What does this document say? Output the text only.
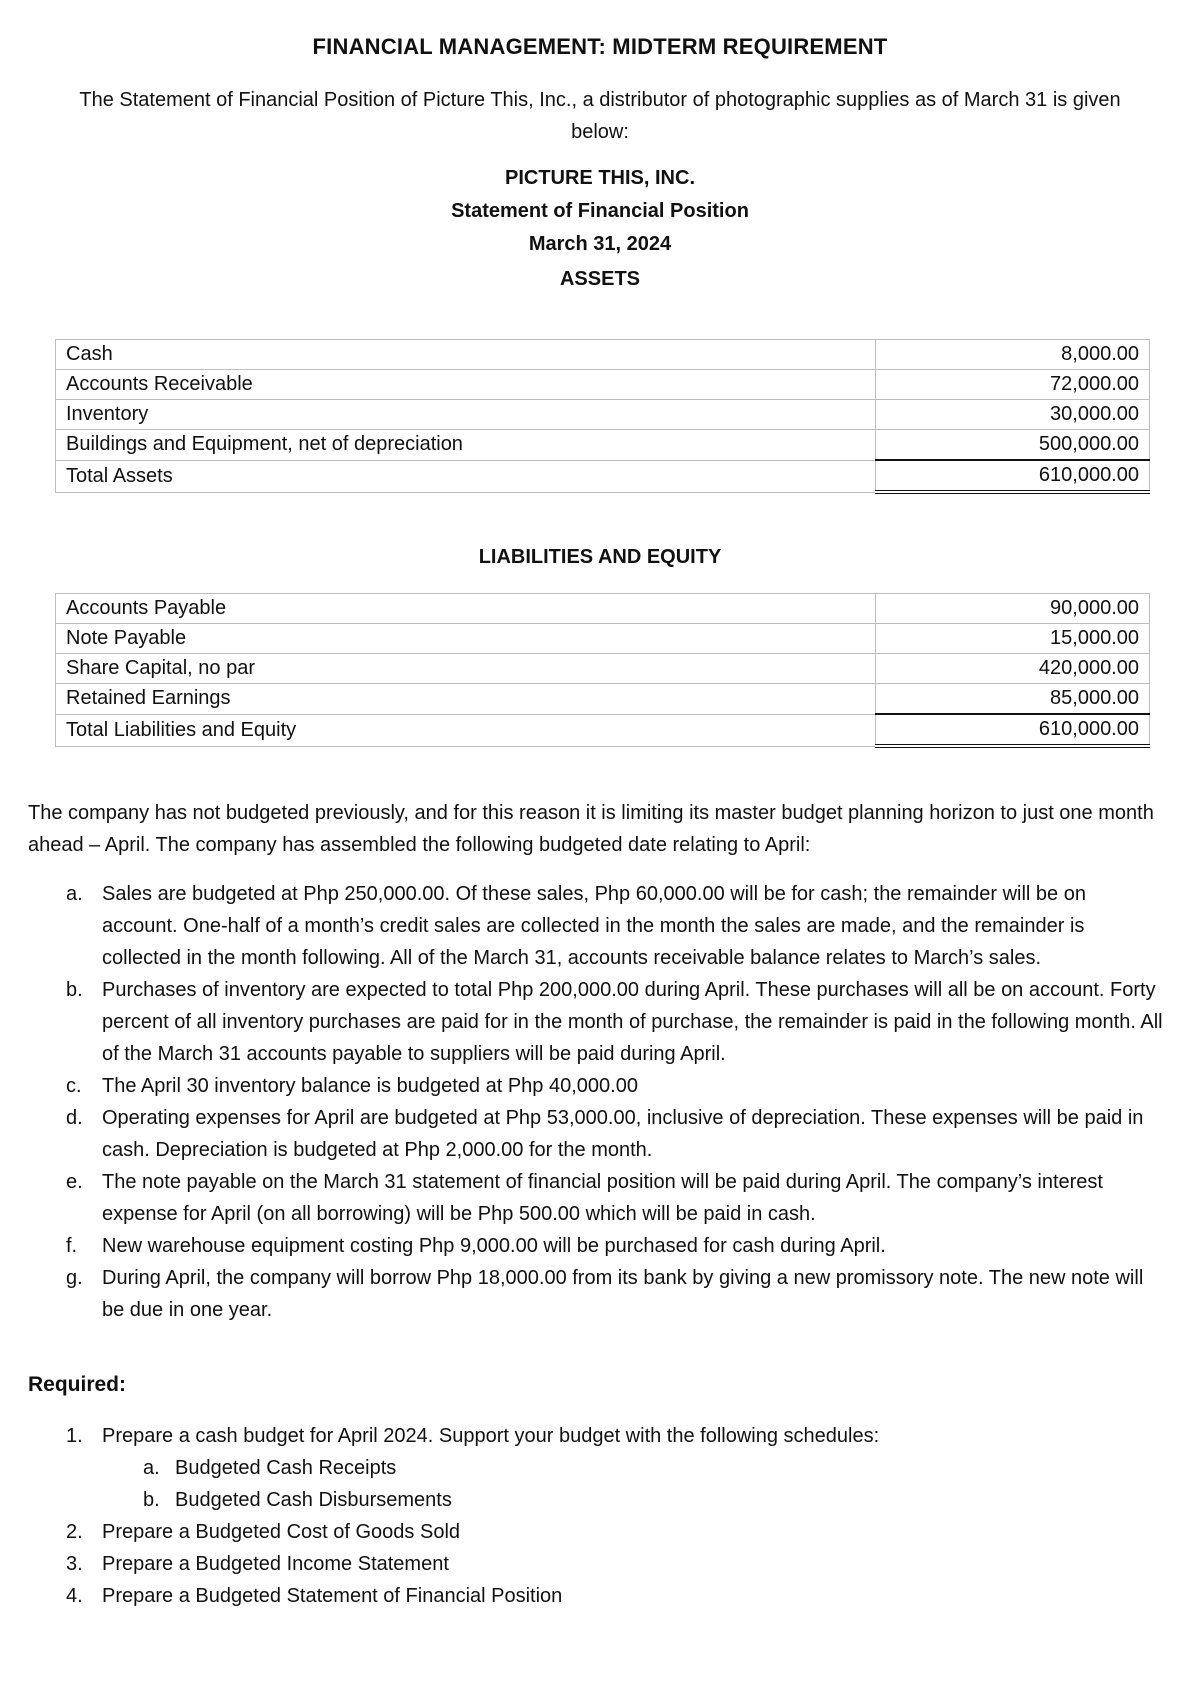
FINANCIAL MANAGEMENT: MIDTERM REQUIREMENT
The Statement of Financial Position of Picture This, Inc., a distributor of photographic supplies as of March 31 is given below:
PICTURE THIS, INC.
Statement of Financial Position
March 31, 2024
ASSETS
Cash	8,000.00
Accounts Receivable	72,000.00
Inventory	30,000.00
Buildings and Equipment, net of depreciation	500,000.00
Total Assets	610,000.00
LIABILITIES AND EQUITY
Accounts Payable	90,000.00
Note Payable	15,000.00
Share Capital, no par	420,000.00
Retained Earnings	85,000.00
Total Liabilities and Equity	610,000.00
The company has not budgeted previously, and for this reason it is limiting its master budget planning horizon to just one month ahead – April. The company has assembled the following budgeted date relating to April:
a. Sales are budgeted at Php 250,000.00. Of these sales, Php 60,000.00 will be for cash; the remainder will be on account. One-half of a month’s credit sales are collected in the month the sales are made, and the remainder is collected in the month following. All of the March 31, accounts receivable balance relates to March’s sales.
b. Purchases of inventory are expected to total Php 200,000.00 during April. These purchases will all be on account. Forty percent of all inventory purchases are paid for in the month of purchase, the remainder is paid in the following month. All of the March 31 accounts payable to suppliers will be paid during April.
c. The April 30 inventory balance is budgeted at Php 40,000.00
d. Operating expenses for April are budgeted at Php 53,000.00, inclusive of depreciation. These expenses will be paid in cash. Depreciation is budgeted at Php 2,000.00 for the month.
e. The note payable on the March 31 statement of financial position will be paid during April. The company’s interest expense for April (on all borrowing) will be Php 500.00 which will be paid in cash.
f. New warehouse equipment costing Php 9,000.00 will be purchased for cash during April.
g. During April, the company will borrow Php 18,000.00 from its bank by giving a new promissory note. The new note will be due in one year.
Required:
1. Prepare a cash budget for April 2024. Support your budget with the following schedules:
a. Budgeted Cash Receipts
b. Budgeted Cash Disbursements
2. Prepare a Budgeted Cost of Goods Sold
3. Prepare a Budgeted Income Statement
4. Prepare a Budgeted Statement of Financial Position
